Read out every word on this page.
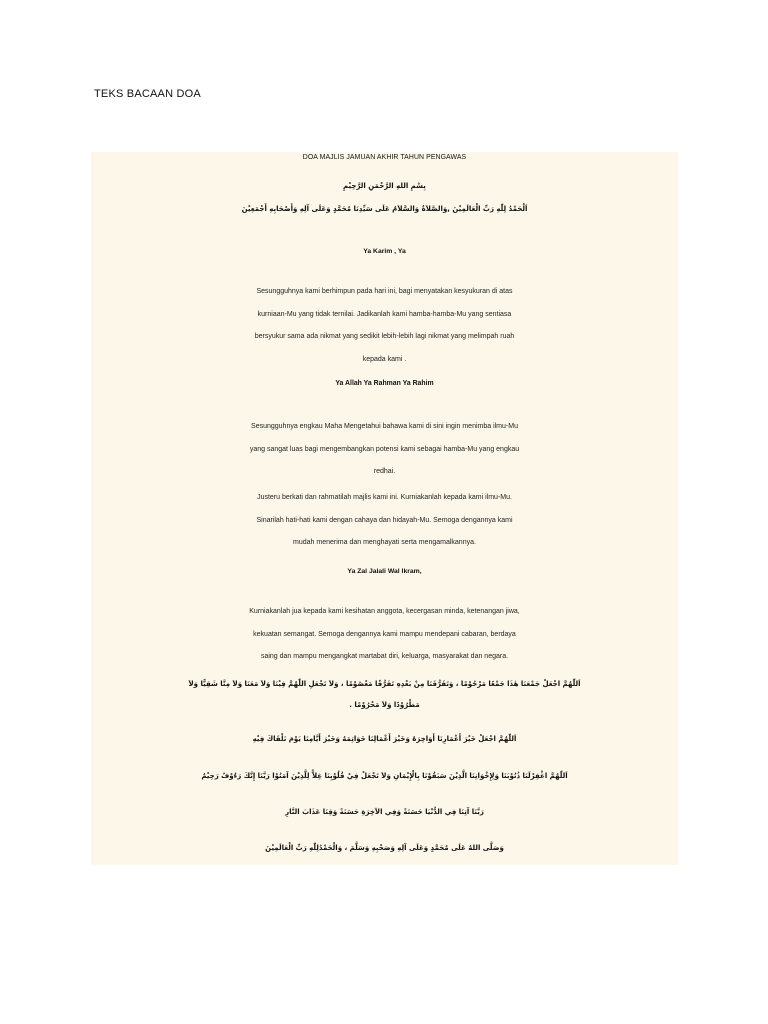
TEKS BACAAN DOA
DOA MAJLIS JAMUAN AKHIR TAHUN PENGAWAS
بِسْمِ اللهِ الرَّحْمَنِ الرَّحِيْمِ
اَلْحَمْدُ لِلّٰهِ رَبِّ الْعَالَمِيْنَ ,وَالصَّلاَةُ وَالسَّلاَمُ عَلَى سَيِّدِنَا مُحَمَّدٍ وَعَلَى آلِهِ وَأَصْحَابِهِ أَجْمَعِيْنَ
Ya Karim , Ya
Sesungguhnya kami berhimpun pada hari ini, bagi menyatakan kesyukuran di atas
kurniaan-Mu yang tidak ternilai. Jadikanlah kami hamba-hamba-Mu yang sentiasa
bersyukur sama ada nikmat yang sedikit lebih-lebih lagi nikmat yang melimpah ruah
kepada kami .
Ya Allah Ya Rahman Ya Rahim
Sesungguhnya engkau Maha Mengetahui bahawa kami di sini ingin menimba ilmu-Mu
yang sangat luas bagi mengembangkan potensi kami sebagai hamba-Mu yang engkau
redhai.
Justeru berkati dan rahmatilah majlis kami ini. Kurniakanlah kepada kami ilmu-Mu.
Sinarilah hati-hati kami dengan cahaya dan hidayah-Mu. Semoga dengannya kami
mudah menerima dan menghayati serta mengamalkannya.
Ya Zal Jalali Wal Ikram,
Kurniakanlah jua kepada kami kesihatan anggota, kecergasan minda, ketenangan jiwa,
kekuatan semangat. Semoga dengannya kami mampu mendepani cabaran, berdaya
saing dan mampu mengangkat martabat diri, keluarga, masyarakat dan negara.
اَللّٰهُمَّ اجْعَلْ جَمْعَنَا هٰذَا جَمْعًا مَرْحُوْمًا ، وَتَفَرُّقَنَا مِنْ بَعْدِهِ تَفَرُّقًا مَعْصُوْمًا ، وَلاَ تَجْعَلِ اللّٰهُمَّ فِيْنَا وَلاَ مَعَنَا وَلاَ مِنَّا شَقِيًّا وَلاَ
مَطْرُوْدًا وَلاَ مَحْرُوْمًا .
اَللّٰهُمَّ اجْعَلْ خَيْرَ أَعْمَارِنَا أَوَاخِرَهُ وَخَيْرَ أَعْمَالِنَا خَوَاتِمَهُ وَخَيْرَ أَيَّامِنَا يَوْمَ نَلْقَاكَ فِيْهِ
اَللّٰهُمَّ اغْفِرْلَنَا ذُنُوْبَنَا وَلِإِخْوَانِنَا الَّذِيْنَ سَبَقُوْنَا بِالْإِيْمَانِ وَلاَ تَجْعَلْ فِيْ قُلُوْبِنَا غِلاًّ لِلَّذِيْنَ آمَنُوْا رَبَّنَا إِنَّكَ رَءُوْفٌ رَحِيْمٌ
رَبَّنَا آتِنَا فِي الدُّنْيَا حَسَنَةً وَفِي الآخِرَةِ حَسَنَةً وَقِنَا عَذَابَ النَّارِ
وَصَلَّى اللهُ عَلَى مُحَمَّدٍ وَعَلَى آلِهِ وَصَحْبِهِ وَسَلَّمَ ، وَالْحَمْدُلِلّٰهِ رَبِّ الْعَالَمِيْنَ
